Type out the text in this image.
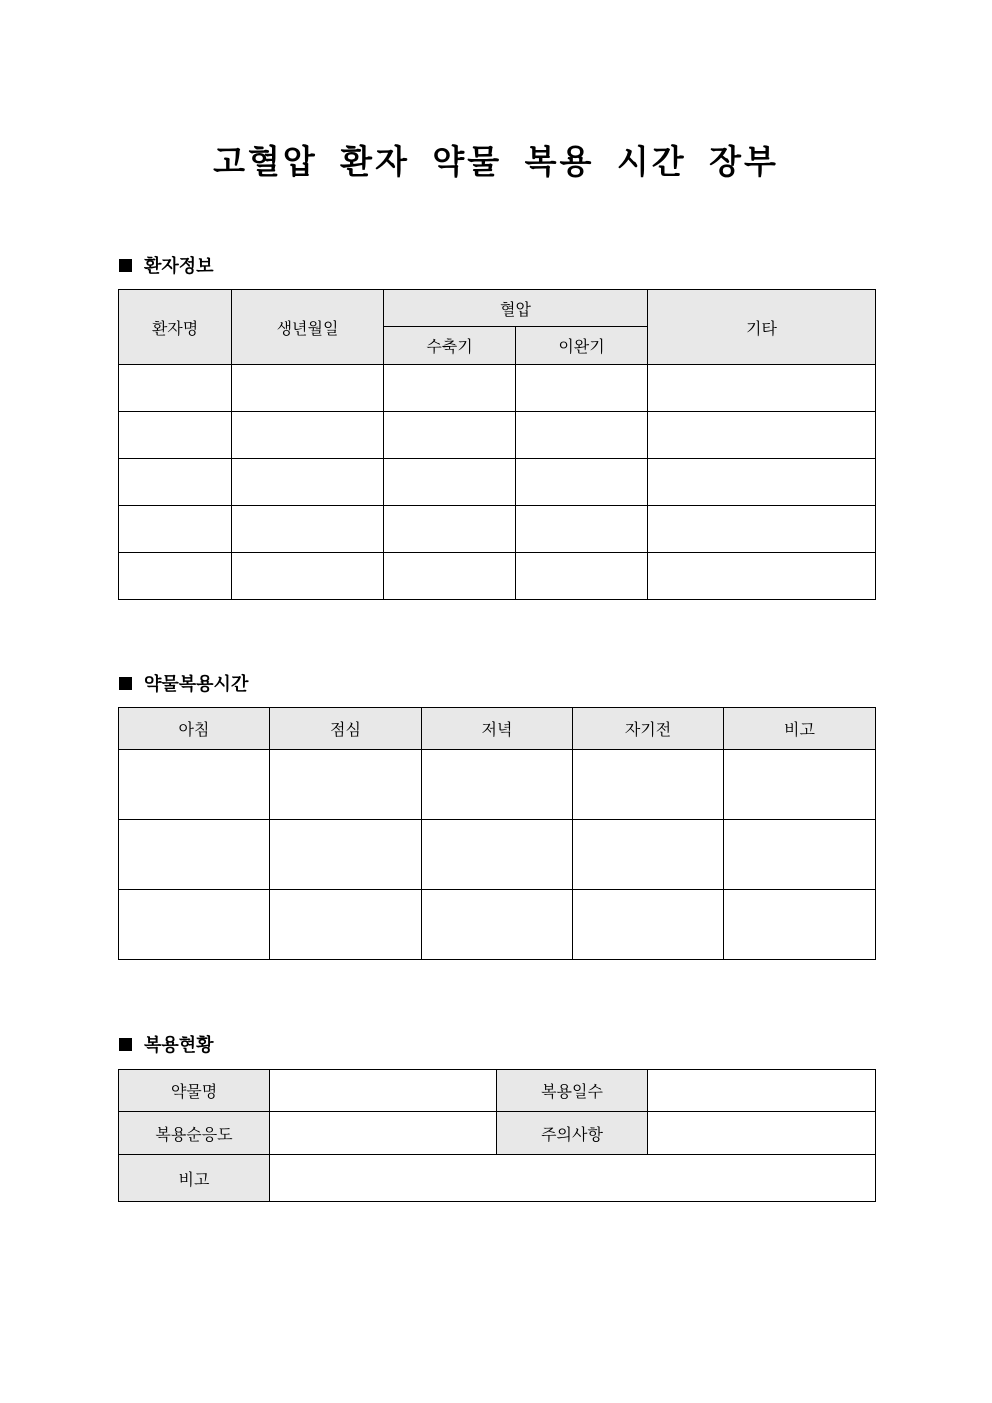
고혈압 환자 약물 복용 시간 장부
환자정보
환자명	생년월일	혈압		기타
		수축기	이완기	

약물복용시간
아침	점심	저녁	자기전	비고

복용현황
약물명		복용일수	
복용순응도		주의사항	
비고			
